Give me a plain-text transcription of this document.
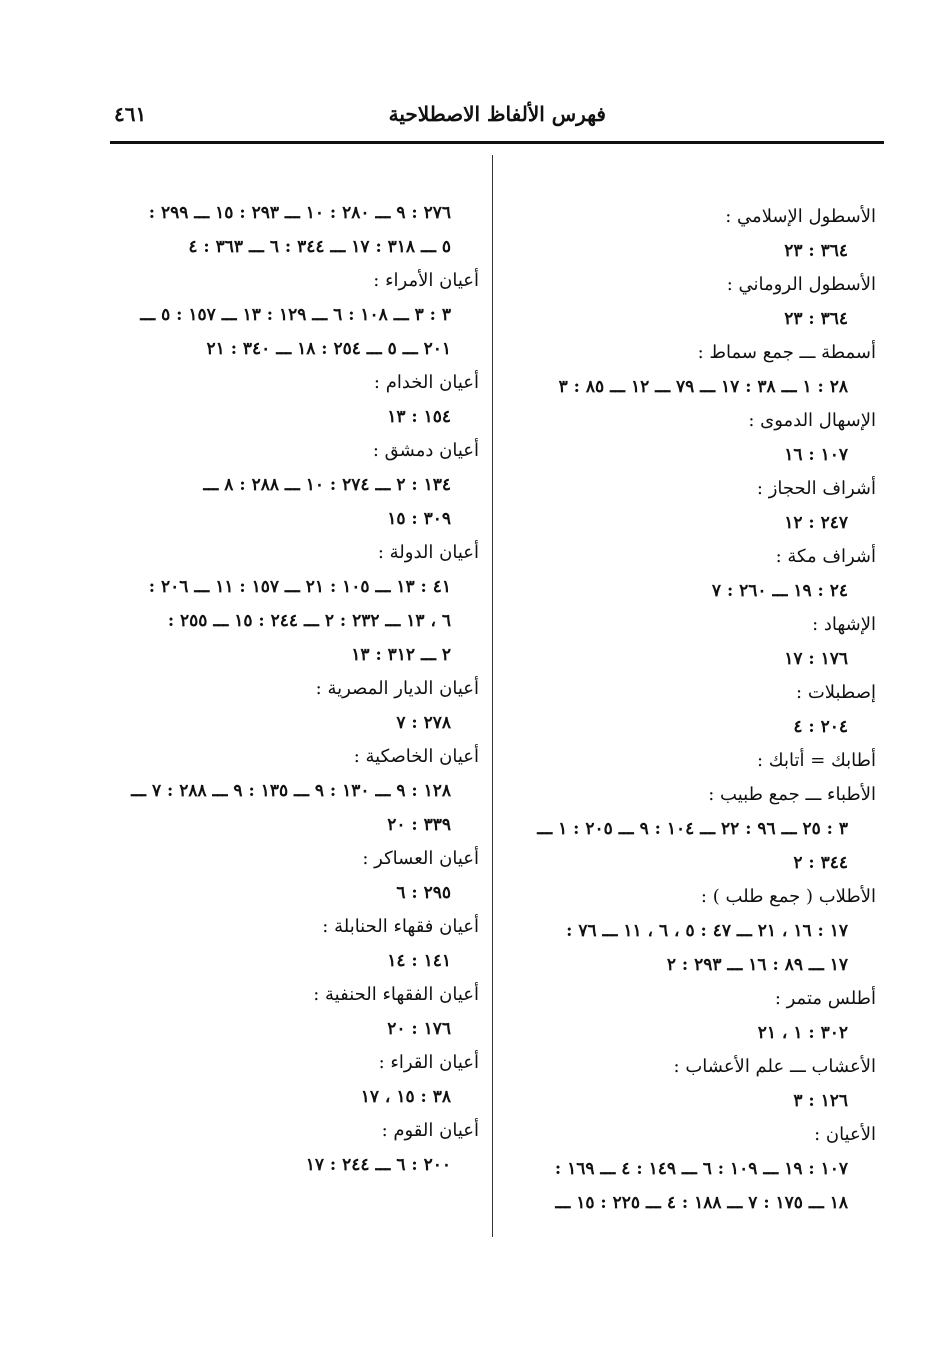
فهرس الألفاظ الاصطلاحية
٤٦١
الأسطول الإسلامي :
٣٦٤ : ٢٣
الأسطول الروماني :
٣٦٤ : ٢٣
أسمطة ـــ جمع سماط :
٢٨ : ١ ـــ ٣٨ : ١٧ ـــ ٧٩ ـــ ١٢ ـــ ٨٥ : ٣
الإسهال الدموى :
١٠٧ : ١٦
أشراف الحجاز :
٢٤٧ : ١٢
أشراف مكة :
٢٤ : ١٩ ـــ ٢٦٠ : ٧
الإشهاد :
١٧٦ : ١٧
إصطبلات :
٢٠٤ : ٤
أطابك = أتابك :
الأطباء ـــ جمع طبيب :
٣ : ٢٥ ـــ ٩٦ : ٢٢ ـــ ١٠٤ : ٩ ـــ ٢٠٥ : ١ ـــ
٣٤٤ : ٢
الأطلاب ( جمع طلب ) :
١٧ : ١٦ ، ٢١ ـــ ٤٧ : ٥ ، ٦ ، ١١ ـــ ٧٦ :
١٧ ـــ ٨٩ : ١٦ ـــ ٢٩٣ : ٢
أطلس متمر :
٣٠٢ : ١ ، ٢١
الأعشاب ـــ علم الأعشاب :
١٢٦ : ٣
الأعيان :
١٠٧ : ١٩ ـــ ١٠٩ : ٦ ـــ ١٤٩ : ٤ ـــ ١٦٩ :
١٨ ـــ ١٧٥ : ٧ ـــ ١٨٨ : ٤ ـــ ٢٢٥ : ١٥ ـــ
٢٧٦ : ٩ ـــ ٢٨٠ : ١٠ ـــ ٢٩٣ : ١٥ ـــ ٢٩٩ :
٥ ـــ ٣١٨ : ١٧ ـــ ٣٤٤ : ٦ ـــ ٣٦٣ : ٤
أعيان الأمراء :
٣ : ٣ ـــ ١٠٨ : ٦ ـــ ١٢٩ : ١٣ ـــ ١٥٧ : ٥ ـــ
٢٠١ ـــ ٥ ـــ ٢٥٤ : ١٨ ـــ ٣٤٠ : ٢١
أعيان الخدام :
١٥٤ : ١٣
أعيان دمشق :
١٣٤ : ٢ ـــ ٢٧٤ : ١٠ ـــ ٢٨٨ : ٨ ـــ
٣٠٩ : ١٥
أعيان الدولة :
٤١ : ١٣ ـــ ١٠٥ : ٢١ ـــ ١٥٧ : ١١ ـــ ٢٠٦ :
٦ ، ١٣ ـــ ٢٣٢ : ٢ ـــ ٢٤٤ : ١٥ ـــ ٢٥٥ :
٢ ـــ ٣١٢ : ١٣
أعيان الديار المصرية :
٢٧٨ : ٧
أعيان الخاصكية :
١٢٨ : ٩ ـــ ١٣٠ : ٩ ـــ ١٣٥ : ٩ ـــ ٢٨٨ : ٧ ـــ
٣٣٩ : ٢٠
أعيان العساكر :
٢٩٥ : ٦
أعيان فقهاء الحنابلة :
١٤١ : ١٤
أعيان الفقهاء الحنفية :
١٧٦ : ٢٠
أعيان القراء :
٣٨ : ١٥ ، ١٧
أعيان القوم :
٢٠٠ : ٦ ـــ ٢٤٤ : ١٧
